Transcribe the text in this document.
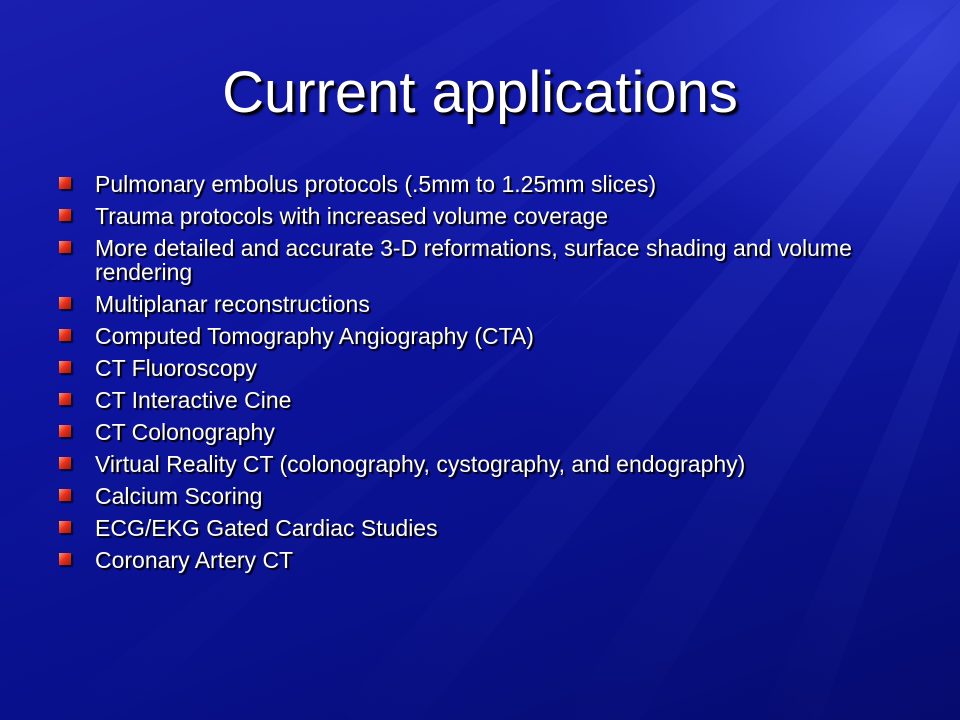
Current applications
Pulmonary embolus protocols (.5mm to 1.25mm slices)
Trauma protocols with increased volume coverage
More detailed and accurate 3-D reformations, surface shading and volume rendering
Multiplanar reconstructions
Computed Tomography Angiography (CTA)
CT Fluoroscopy
CT Interactive Cine
CT Colonography
Virtual Reality CT (colonography, cystography, and endography)
Calcium Scoring
ECG/EKG Gated Cardiac Studies
Coronary Artery CT
